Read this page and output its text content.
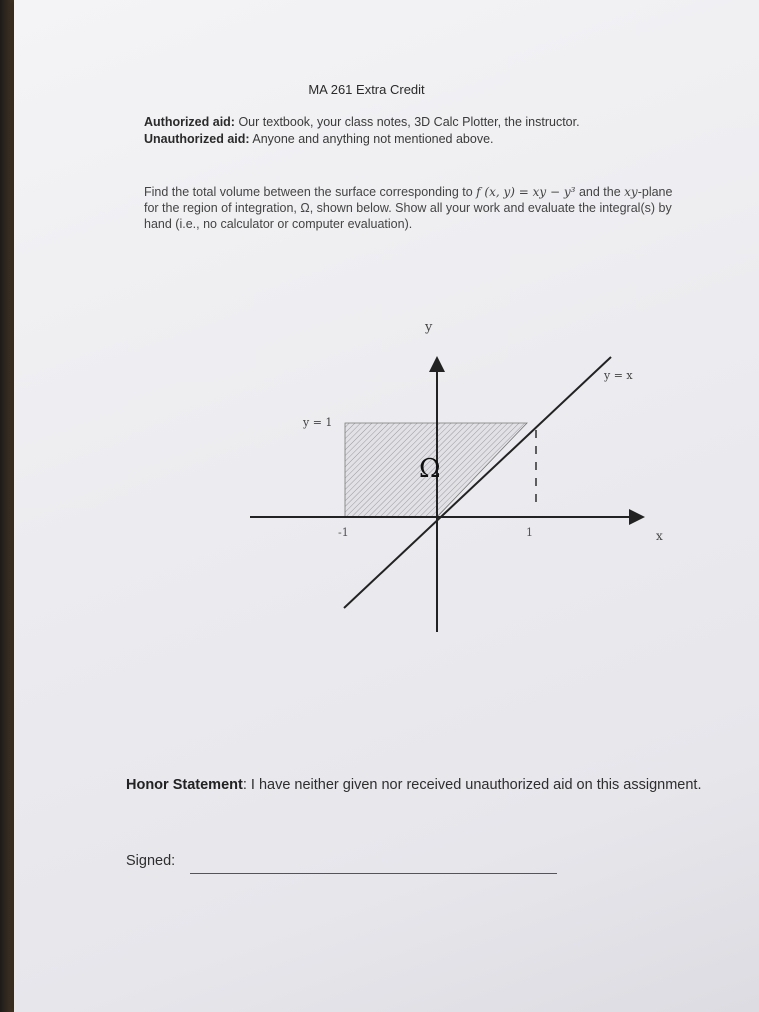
MA 261 Extra Credit
Authorized aid: Our textbook, your class notes, 3D Calc Plotter, the instructor.
Unauthorized aid: Anyone and anything not mentioned above.
Find the total volume between the surface corresponding to f (x, y) = xy − y³ and the xy-plane for the region of integration, Ω, shown below. Show all your work and evaluate the integral(s) by hand (i.e., no calculator or computer evaluation).
y
x
y = x
y = 1
Ω
-1	1
Honor Statement: I have neither given nor received unauthorized aid on this assignment.
Signed:
